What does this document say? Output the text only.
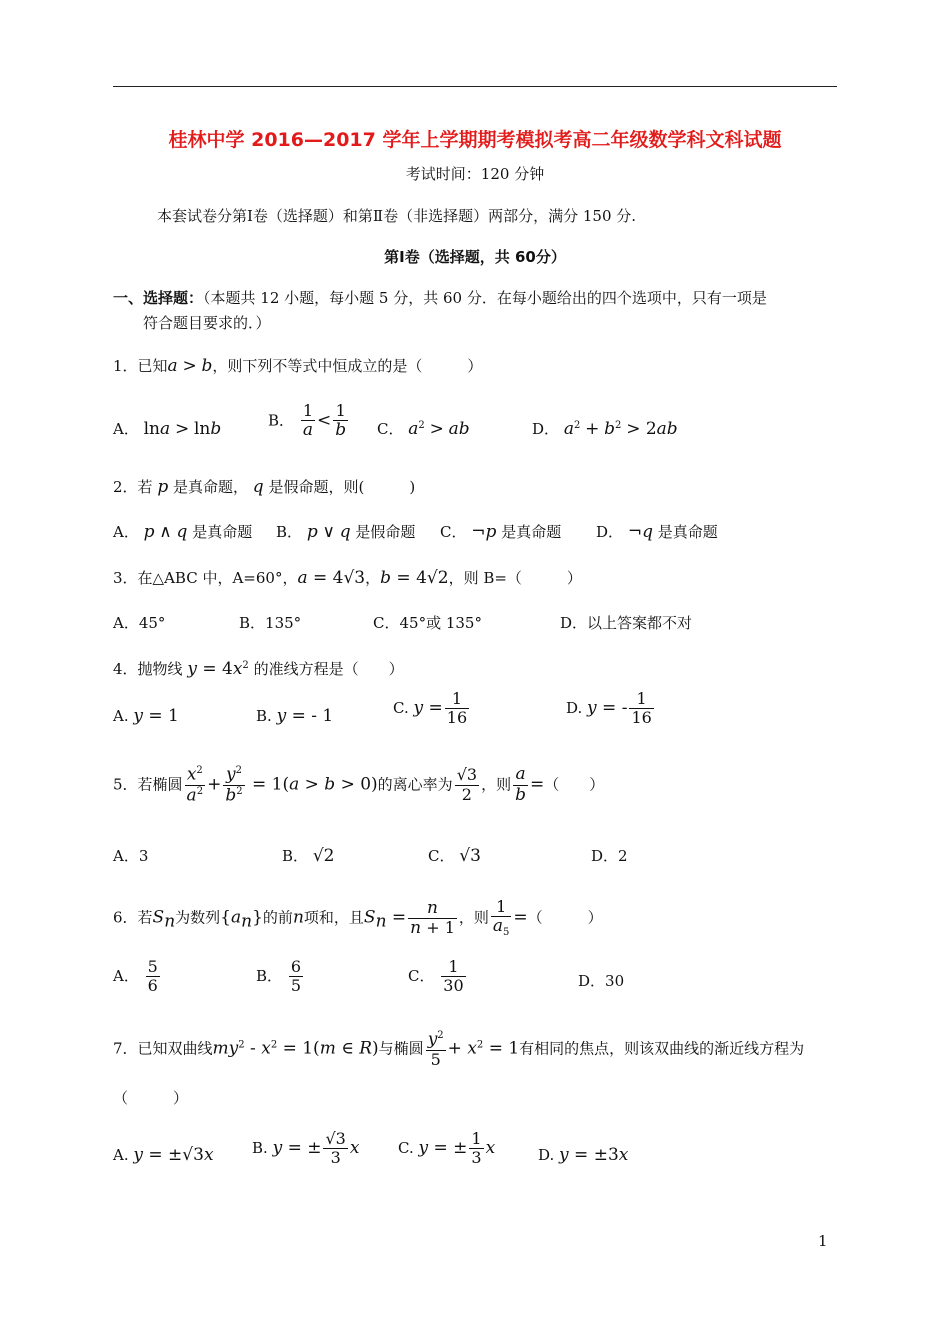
桂林中学 2016—2017 学年上学期期考模拟考高二年级数学科文科试题
考试时间：120 分钟
本套试卷分第Ⅰ卷（选择题）和第Ⅱ卷（非选择题）两部分，满分 150 分.
第Ⅰ卷（选择题，共 60分）
一、选择题：（本题共 12 小题，每小题 5 分，共 60 分．在每小题给出的四个选项中，只有一项是
符合题目要求的．）
1．已知a > b，则下列不等式中恒成立的是（　　　）
A． lna > lnb	B． $\frac{1}{a} < \frac{1}{b}$ C． $a^2$ > ab	D． $a^2 + b^2 > 2ab$
2．若 p 是真命题， q 是假命题，则(　　　)
A． p ∧ q 是真命题 B． p ∨ q 是假命题 C． ¬p 是真命题 D． ¬q 是真命题
3．在△ABC 中，A=60°，a = 4√3，b = 4√2，则 B=（　　　）
A．45°	B．135°	C．45°或 135°	D．以上答案都不对
4．抛物线 $y = 4x^2$ 的准线方程是（　　）
A. y = 1	B. y = - 1	C. $y = \frac{1}{16}$	D. y = - $\frac{1}{16}$
5．若椭圆 $\frac{x^2}{a^2} + \frac{y^2}{b^2} = 1(a > b > 0)$的离心率为 $\frac{√3}{2}$ ，则 $\frac{a}{b}$ =（　　）
A．3	B． √2	C． √3	D．2
6．若$S_n$为数列$\{a_n\}$的前n项和，且$S_n = \frac{n}{n + 1}$ ，则 $\frac{1}{a_5}$ =（　　　）
A． $\frac{5}{6}$	B． $\frac{6}{5}$	C． $\frac{1}{30}$	D．30
7．已知双曲线$my^2 - x^2 = 1(m$ ∈ R)与椭圆 $\frac{y^2}{5} + x^2 = 1$有相同的焦点，则该双曲线的渐近线方程为
（　　　）
A. y = ±√3x	B. y = ± $\frac{√3}{3}$ x	C. y = ± $\frac{1}{3}$ x	D. y = ±3x
1
